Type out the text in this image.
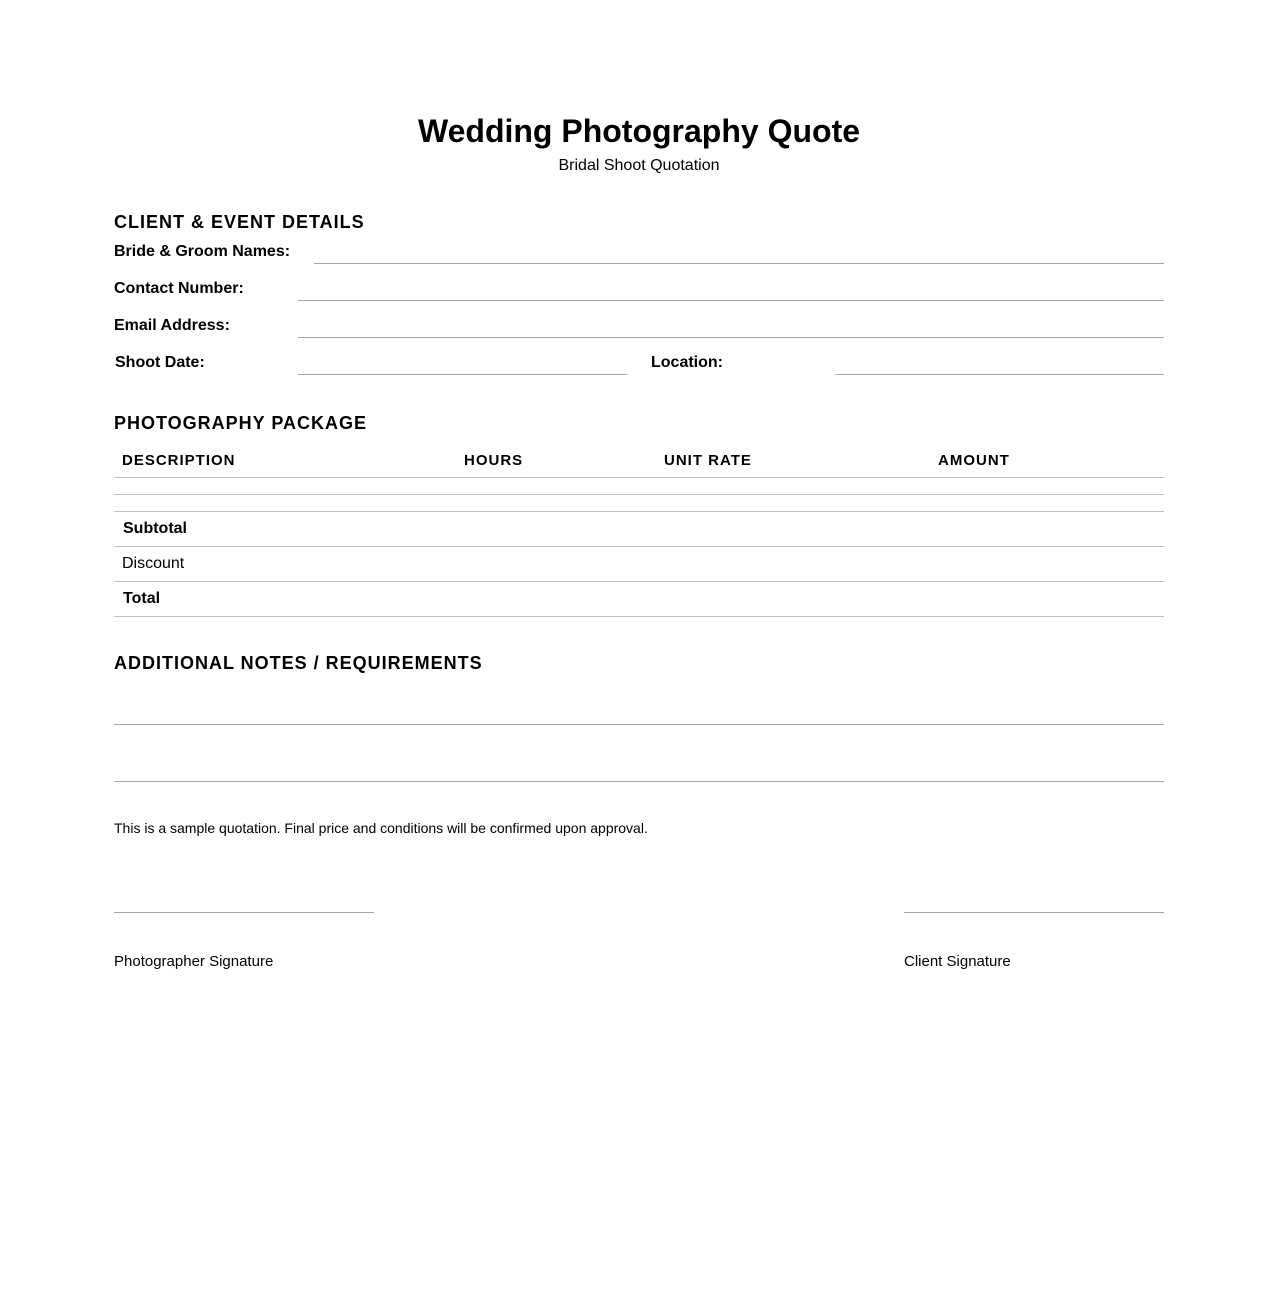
Wedding Photography Quote
Bridal Shoot Quotation
CLIENT & EVENT DETAILS
Bride & Groom Names:
Contact Number:
Email Address:
Shoot Date:	Location:
PHOTOGRAPHY PACKAGE
DESCRIPTION	HOURS	UNIT RATE	AMOUNT
Subtotal
Discount
Total
ADDITIONAL NOTES / REQUIREMENTS
This is a sample quotation. Final price and conditions will be confirmed upon approval.
Photographer Signature	Client Signature
